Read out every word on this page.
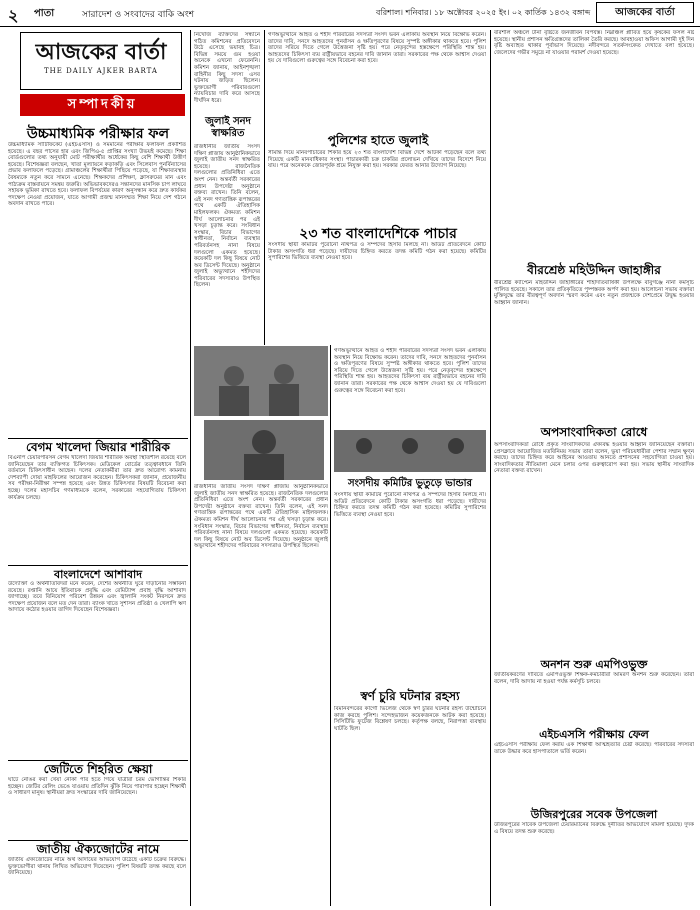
২ পাতা	সারাদেশ ও সংবাদের বাকি অংশ	বরিশাল। শনিবার। ১৮ অক্টোবর ২০২৫ ইং। ০২ কার্তিক ১৪৩২ বঙ্গাব্দ	আজকের বার্তা
আজকের বার্তা
THE DAILY AJKER BARTA
সম্পাদকীয়
উচ্চমাধ্যমিক পরীক্ষার ফল

উচ্চমাধ্যমিক সার্টিফিকেট (এইচএসসি) ও সমমানের পরীক্ষার ফলাফল প্রকাশিত হয়েছে। এ বছর পাসের হার এবং জিপিএ-৫ প্রাপ্তির সংখ্যা উভয়ই কমেছে। শিক্ষা বোর্ডগুলোর তথ্য অনুযায়ী মোট পরীক্ষার্থীর অর্ধেকের কিছু বেশি শিক্ষার্থী উত্তীর্ণ হয়েছে। বিশেষজ্ঞরা বলছেন, খাতা মূল্যায়নে কড়াকড়ি এবং সিলেবাস পুনর্বিন্যাসের প্রভাব ফলাফলে পড়েছে। গ্রামাঞ্চলের শিক্ষার্থীরা পিছিয়ে পড়েছে, যা শিক্ষাব্যবস্থার বৈষম্যকে নতুন করে সামনে এনেছে। শিক্ষকদের প্রশিক্ষণ, ক্লাসরুমের মান এবং পাঠ্যক্রম বাস্তবায়নে সমন্বয় জরুরি। অভিভাবকদেরও সন্তানদের মানসিক চাপ লাঘবে সহায়ক ভূমিকা রাখতে হবে। ফলাফল বিপর্যয়ের কারণ অনুসন্ধান করে দ্রুত কার্যকর পদক্ষেপ নেওয়া প্রয়োজন, যাতে আগামী প্রজন্ম মানসম্মত শিক্ষা নিয়ে দেশ গঠনে অবদান রাখতে পারে।

বেগম খালেদা জিয়ার শারীরিক

বিএনপি চেয়ারপারসন বেগম খালেদা জিয়ার শারীরিক অবস্থা স্থিতিশীল রয়েছে বলে জানিয়েছেন তার ব্যক্তিগত চিকিৎসক। মেডিকেল বোর্ডের তত্ত্বাবধানে তিনি বর্তমানে চিকিৎসাধীন আছেন। দলের নেতাকর্মীরা তার দ্রুত আরোগ্য কামনায় দেশব্যাপী দোয়া মাহফিলের আয়োজন করেছেন। চিকিৎসকরা জানান, প্রয়োজনীয় সব পরীক্ষা-নিরীক্ষা সম্পন্ন হয়েছে এবং উন্নত চিকিৎসার বিষয়টি বিবেচনা করা হচ্ছে। দলের মহাসচিব গণমাধ্যমকে বলেন, সরকারের সহযোগিতায় চিকিৎসা কার্যক্রম চলছে।

বাংলাদেশে আশাবাদ

উদ্যোক্তা ও অর্থনীতিবিদরা মনে করেন, দেশের অর্থনীতি ঘুরে দাঁড়ানোর সম্ভাবনা রয়েছে। রপ্তানি আয়ে ইতিবাচক প্রবৃদ্ধি এবং রেমিট্যান্স প্রবাহ বৃদ্ধি আশাবাদ জাগাচ্ছে। তবে বিনিয়োগ পরিবেশ উন্নয়ন এবং জ্বালানি সংকট নিরসনে দ্রুত পদক্ষেপ প্রয়োজন বলে মত দেন তারা। ব্যাংক খাতে সুশাসন প্রতিষ্ঠা ও খেলাপি ঋণ আদায়ে কঠোর হওয়ার তাগিদ দিয়েছেন বিশেষজ্ঞরা।

জেটিতে শিহরিত ক্ষেয়া

ঘাটে নোঙর করা খেয়া নৌকা পার হতে গিয়ে যাত্রীরা চরম ভোগান্তির শিকার হচ্ছেন। জেটির রেলিং ভেঙে যাওয়ায় প্রতিদিন ঝুঁকি নিয়ে পারাপার হচ্ছেন শিক্ষার্থী ও সাধারণ মানুষ। স্থানীয়রা দ্রুত সংস্কারের দাবি জানিয়েছেন।

জাতীয় ঐক্যজোটের নামে

জাতীয় ঐক্যজোটের নামে অর্থ আদায়ের অভিযোগ উঠেছে একটি চক্রের বিরুদ্ধে। ভুক্তভোগীরা থানায় লিখিত অভিযোগ দিয়েছেন। পুলিশ বিষয়টি তদন্ত করছে বলে জানিয়েছে।

নিখোঁজ ব্যক্তিদের সন্ধানে গঠিত কমিশনের প্রতিবেদনে উঠে এসেছে ভয়াবহ চিত্র। বিভিন্ন সময়ে গুম হওয়া অনেকে এখনো ফেরেননি। কমিশন জানায়, আইনশৃঙ্খলা বাহিনীর কিছু সদস্য এসব ঘটনায় জড়িত ছিলেন। ভুক্তভোগী পরিবারগুলো ন্যায়বিচার দাবি করে আসছে দীর্ঘদিন ধরে।

জুলাই সনদ স্বাক্ষরিত

রাজধানীর জাতীয় সংসদ দক্ষিণ প্লাজায় আনুষ্ঠানিকভাবে জুলাই জাতীয় সনদ স্বাক্ষরিত হয়েছে। রাজনৈতিক দলগুলোর প্রতিনিধিরা এতে অংশ নেন। অন্তর্বর্তী সরকারের প্রধান উপদেষ্টা অনুষ্ঠানে বক্তব্য রাখেন। তিনি বলেন, এই সনদ গণতান্ত্রিক রূপান্তরের পথে একটি ঐতিহাসিক মাইলফলক। ঐকমত্য কমিশন দীর্ঘ আলোচনার পর এই খসড়া চূড়ান্ত করে। সংবিধান সংস্কার, বিচার বিভাগের স্বাধীনতা, নির্বাচন ব্যবস্থার পরিবর্তনসহ নানা বিষয়ে দলগুলো একমত হয়েছে। কয়েকটি দল কিছু বিষয়ে নোট অব ডিসেন্ট দিয়েছে। অনুষ্ঠানে জুলাই অভ্যুত্থানে শহীদদের পরিবারের সদস্যরাও উপস্থিত ছিলেন।

গণঅভ্যুত্থানে আহত ও শহীদ পরিবারের সদস্যরা সংসদ ভবন এলাকায় অবস্থান নিয়ে বিক্ষোভ করেন। তাদের দাবি, সনদে আহতদের পুনর্বাসন ও ক্ষতিপূরণের বিষয়ে সুস্পষ্ট অঙ্গীকার থাকতে হবে। পুলিশ তাদের সরিয়ে দিতে গেলে উত্তেজনা সৃষ্টি হয়। পরে নেতৃবৃন্দের হস্তক্ষেপে পরিস্থিতি শান্ত হয়। আহতদের চিকিৎসা ব্যয় রাষ্ট্রীয়ভাবে বহনের দাবি জানান তারা। সরকারের পক্ষ থেকে আশ্বাস দেওয়া হয় যে দাবিগুলো গুরুত্বের সঙ্গে বিবেচনা করা হবে।

পুলিশের হাতে জুলাই

সীমান্ত দিয়ে মানবপাচারের শিকার হয়ে ২৩ শত বাংলাদেশি বিভিন্ন দেশে আটকা পড়েছেন বলে তথ্য দিয়েছে একটি মানবাধিকার সংস্থা। পাচারকারী চক্র চাকরির প্রলোভন দেখিয়ে তাদের বিদেশে নিয়ে যায়। পরে অনেককে জোরপূর্বক শ্রমে নিযুক্ত করা হয়। সরকার ফেরত আনার উদ্যোগ নিয়েছে।

২৩ শত বাংলাদেশিকে পাচার

সংসদীয় স্থায়ী কমিটির পুরোনো নথিপত্র ও সম্পদের হিসাব মিলছে না। অডিট প্রতিবেদনে কোটি টাকার অসংগতি ধরা পড়েছে। দায়ীদের চিহ্নিত করতে তদন্ত কমিটি গঠন করা হয়েছে। কমিটির সুপারিশের ভিত্তিতে ব্যবস্থা নেওয়া হবে।

রাজধানীর জাতীয় সংসদ দক্ষিণ প্লাজায় আনুষ্ঠানিকভাবে জুলাই জাতীয় সনদ স্বাক্ষরিত হয়েছে। রাজনৈতিক দলগুলোর প্রতিনিধিরা এতে অংশ নেন। অন্তর্বর্তী সরকারের প্রধান উপদেষ্টা অনুষ্ঠানে বক্তব্য রাখেন। তিনি বলেন, এই সনদ গণতান্ত্রিক রূপান্তরের পথে একটি ঐতিহাসিক মাইলফলক। ঐকমত্য কমিশন দীর্ঘ আলোচনার পর এই খসড়া চূড়ান্ত করে। সংবিধান সংস্কার, বিচার বিভাগের স্বাধীনতা, নির্বাচন ব্যবস্থার পরিবর্তনসহ নানা বিষয়ে দলগুলো একমত হয়েছে। কয়েকটি দল কিছু বিষয়ে নোট অব ডিসেন্ট দিয়েছে। অনুষ্ঠানে জুলাই অভ্যুত্থানে শহীদদের পরিবারের সদস্যরাও উপস্থিত ছিলেন।

গণঅভ্যুত্থানে আহত ও শহীদ পরিবারের সদস্যরা সংসদ ভবন এলাকায় অবস্থান নিয়ে বিক্ষোভ করেন। তাদের দাবি, সনদে আহতদের পুনর্বাসন ও ক্ষতিপূরণের বিষয়ে সুস্পষ্ট অঙ্গীকার থাকতে হবে। পুলিশ তাদের সরিয়ে দিতে গেলে উত্তেজনা সৃষ্টি হয়। পরে নেতৃবৃন্দের হস্তক্ষেপে পরিস্থিতি শান্ত হয়। আহতদের চিকিৎসা ব্যয় রাষ্ট্রীয়ভাবে বহনের দাবি জানান তারা। সরকারের পক্ষ থেকে আশ্বাস দেওয়া হয় যে দাবিগুলো গুরুত্বের সঙ্গে বিবেচনা করা হবে।

সংসদীয় কমিটির ভুতুড়ে ভান্ডার

সংসদীয় স্থায়ী কমিটির পুরোনো নথিপত্র ও সম্পদের হিসাব মিলছে না। অডিট প্রতিবেদনে কোটি টাকার অসংগতি ধরা পড়েছে। দায়ীদের চিহ্নিত করতে তদন্ত কমিটি গঠন করা হয়েছে। কমিটির সুপারিশের ভিত্তিতে ব্যবস্থা নেওয়া হবে।

স্বর্ণ চুরি ঘটনার রহস্য

বিমানবন্দরের কার্গো ভিলেজ থেকে স্বর্ণ চুরির ঘটনার রহস্য উন্মোচনে কাজ করছে পুলিশ। সন্দেহভাজন কয়েকজনকে আটক করা হয়েছে। সিসিটিভি ফুটেজ বিশ্লেষণ চলছে। কর্তৃপক্ষ বলছে, নিরাপত্তা ব্যবস্থায় ঘাটতি ছিল।

বরিশাল অঞ্চলে টানা বৃষ্টিতে জনজীবন বিপর্যস্ত। নিম্নাঞ্চল প্লাবিত হয়ে কৃষকের ফসল নষ্ট হয়েছে। স্থানীয় প্রশাসন ক্ষতিগ্রস্তদের তালিকা তৈরি করছে। আবহাওয়া অফিস আগামী দুই দিন বৃষ্টি অব্যাহত থাকার পূর্বাভাস দিয়েছে। নদীবন্দরে সতর্কসংকেত দেখাতে বলা হয়েছে। জেলেদের গভীর সমুদ্রে না যাওয়ার পরামর্শ দেওয়া হয়েছে।

বীরশ্রেষ্ঠ মহিউদ্দিন জাহাঙ্গীর

বীরশ্রেষ্ঠ ক্যাপ্টেন মহিউদ্দিন জাহাঙ্গীরের শাহাদাতবার্ষিকী উপলক্ষে বাবুগঞ্জে নানা কর্মসূচি পালিত হয়েছে। সকালে তার প্রতিকৃতিতে পুষ্পস্তবক অর্পণ করা হয়। আলোচনা সভায় বক্তারা মুক্তিযুদ্ধে তার বীরত্বপূর্ণ অবদান স্মরণ করেন এবং নতুন প্রজন্মকে দেশপ্রেমে উদ্বুদ্ধ হওয়ার আহ্বান জানান।

অপসাংবাদিকতা রোধে

অপসাংবাদিকতা রোধে প্রকৃত সাংবাদিকদের ঐক্যবদ্ধ হওয়ার আহ্বান জানিয়েছেন বক্তারা। প্রেসক্লাবে আয়োজিত মতবিনিময় সভায় তারা বলেন, ভুয়া পরিচয়ধারীরা পেশার সম্মান ক্ষুণ্ন করছে। তাদের চিহ্নিত করে আইনের আওতায় আনতে প্রশাসনের সহযোগিতা চাওয়া হয়। সাংবাদিকতার নীতিমালা মেনে চলার ওপর গুরুত্বারোপ করা হয়। সভায় স্থানীয় সাংবাদিক নেতারা বক্তব্য রাখেন।

অনশন শুরু এমপিওভুক্ত

জাতীয়করণের দাবিতে এমপিওভুক্ত শিক্ষক-কর্মচারীরা আমরণ অনশন শুরু করেছেন। তারা বলেন, দাবি আদায় না হওয়া পর্যন্ত কর্মসূচি চলবে।

এইচএসসি পরীক্ষায় ফেল

এইচএসসি পরীক্ষায় ফেল করায় এক শিক্ষার্থী আত্মহত্যার চেষ্টা করেছে। পরিবারের সদস্যরা তাকে উদ্ধার করে হাসপাতালে ভর্তি করেন।

উজিরপুরের সবেক উপজেলা

উজিরপুরের সাবেক উপজেলা চেয়ারম্যানের বিরুদ্ধে দুর্নীতির অভিযোগে মামলা হয়েছে। দুদক এ বিষয়ে তদন্ত শুরু করেছে।
